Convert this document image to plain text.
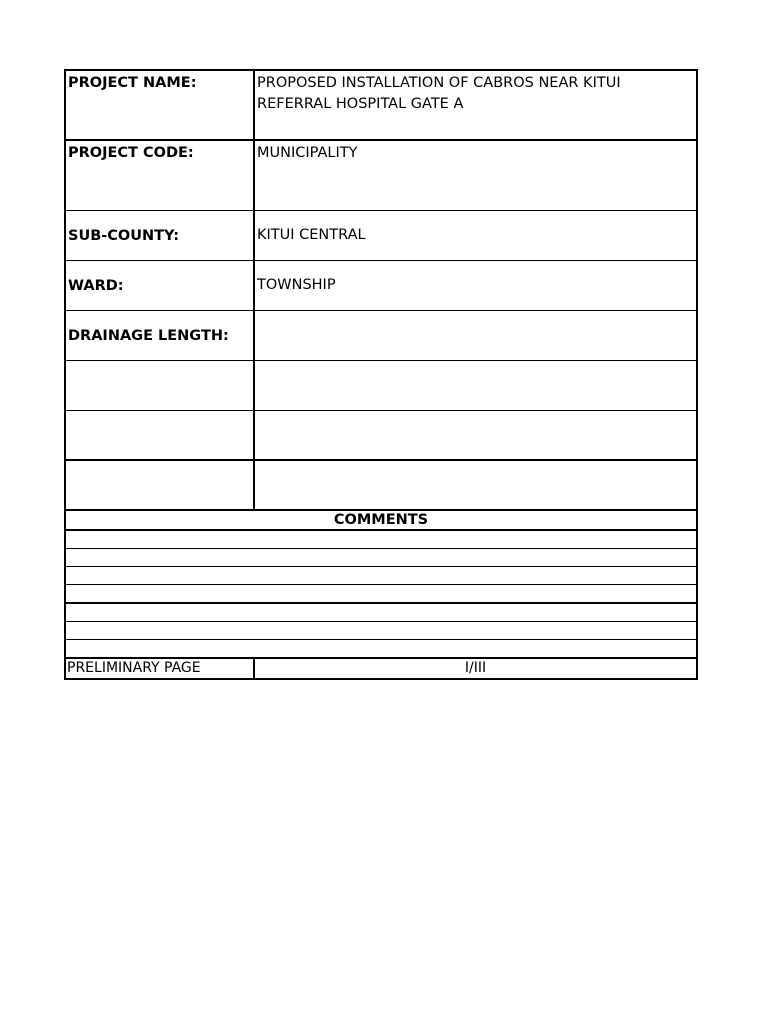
PROJECT NAME:	PROPOSED INSTALLATION OF CABROS NEAR KITUI REFERRAL HOSPITAL GATE A
PROJECT CODE:	MUNICIPALITY
SUB-COUNTY:	KITUI CENTRAL
WARD:	TOWNSHIP
DRAINAGE LENGTH:
COMMENTS
PRELIMINARY PAGE	I/III
